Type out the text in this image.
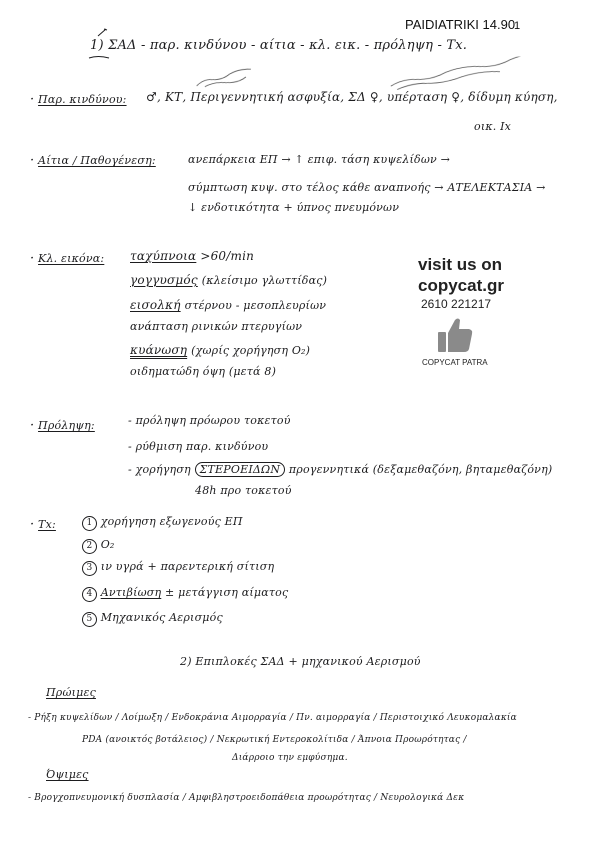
PAIDIATRIKI 14.90
1
1) ΣΑΔ - παρ. κινδύνου - αίτια - κλ. εικ. - πρόληψη - Tx.
· Παρ. κινδύνου: ♂, ΚΤ, Περιγεννητική ασφυξία, ΣΔ ♀, υπέρταση ♀, δίδυμη κύηση,
οικ. Ιx
· Αίτια / Παθογένεση:	ανεπάρκεια ΕΠ → ↑ επιφ. τάση κυψελίδων →
σύμπτωση κυψ. στο τέλος κάθε αναπνοής → ΑΤΕΛΕΚΤΑΣΙΑ →
↓ ενδοτικότητα + ύπνος πνευμόνων
· Κλ. εικόνα: ταχύπνοια >60/min
γογγυσμός (κλείσιμο γλωττίδας)
εισολκή στέρνου - μεσοπλευρίων
ανάπταση ρινικών πτερυγίων
κυάνωση (χωρίς χορήγηση O₂)
οιδηματώδη όψη (μετά 8)
visit us on
copycat.gr
2610 221217
COPYCAT PATRA
· Πρόληψη:	- πρόληψη πρόωρου τοκετού
- ρύθμιση παρ. κινδύνου
- χορήγηση ΣΤΕΡΟΕΙΔΩΝ προγεννητικά (δεξαμεθαζόνη, βηταμεθαζόνη)
48h προ τοκετού
· Tx:	1 χορήγηση εξωγενούς ΕΠ
2 O₂
3 ιν υγρά + παρεντερική σίτιση
4 Αντιβίωση ± μετάγγιση αίματος
5 Μηχανικός Αερισμός
2) Επιπλοκές ΣΑΔ + μηχανικού Αερισμού
Πρώιμες
- Ρήξη κυψελίδων / Λοίμωξη / Ενδοκράνια Αιμορραγία / Πν. αιμορραγία / Περιστοιχικό Λευκομαλακία
PDA (ανοικτός βοτάλειος) / Νεκρωτική Εντεροκολίτιδα / Άπνοια Προωρότητας /
Διάρροιο την εμφύσημα.
Όψιμες
- Βρογχοπνευμονική δυσπλασία / Αμφιβληστροειδοπάθεια προωρότητας / Νευρολογικά Δεκ
